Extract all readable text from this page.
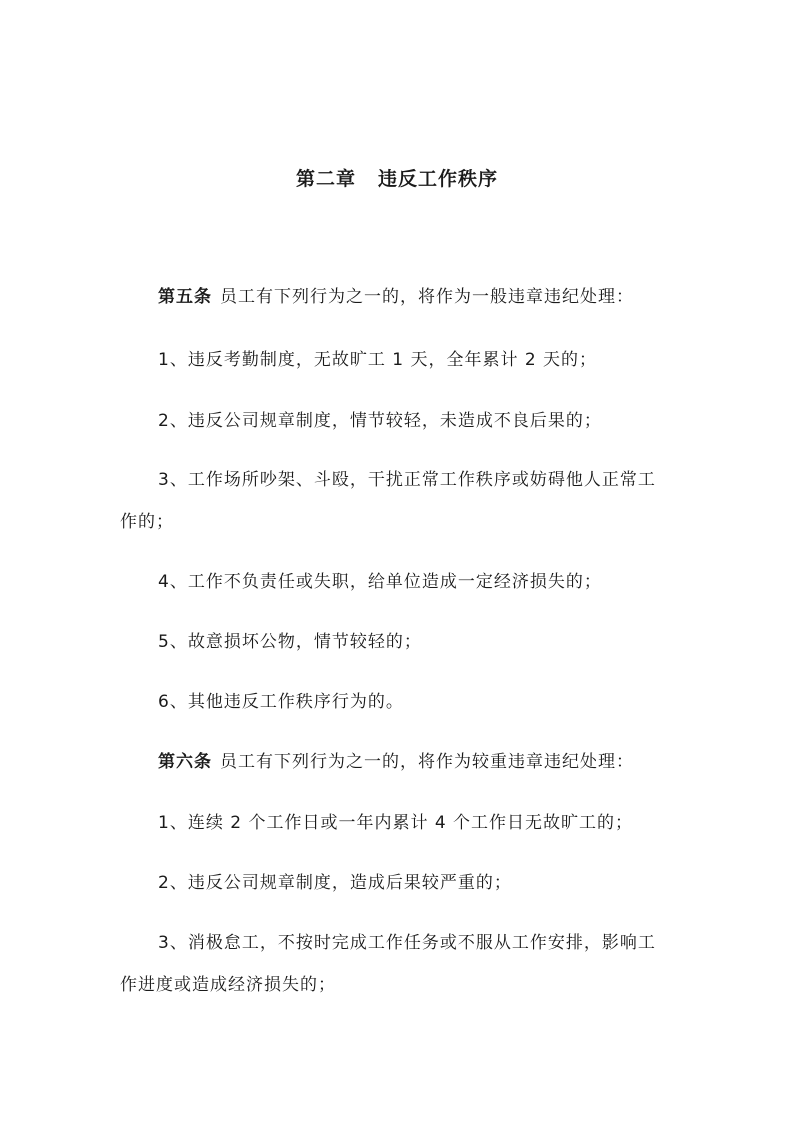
第二章 违反工作秩序
第五条 员工有下列行为之一的，将作为一般违章违纪处理：
1、违反考勤制度，无故旷工 1 天，全年累计 2 天的；
2、违反公司规章制度，情节较轻，未造成不良后果的；
3、工作场所吵架、斗殴，干扰正常工作秩序或妨碍他人正常工
作的；
4、工作不负责任或失职，给单位造成一定经济损失的；
5、故意损坏公物，情节较轻的；
6、其他违反工作秩序行为的。
第六条 员工有下列行为之一的，将作为较重违章违纪处理：
1、连续 2 个工作日或一年内累计 4 个工作日无故旷工的；
2、违反公司规章制度，造成后果较严重的；
3、消极怠工，不按时完成工作任务或不服从工作安排，影响工
作进度或造成经济损失的；
